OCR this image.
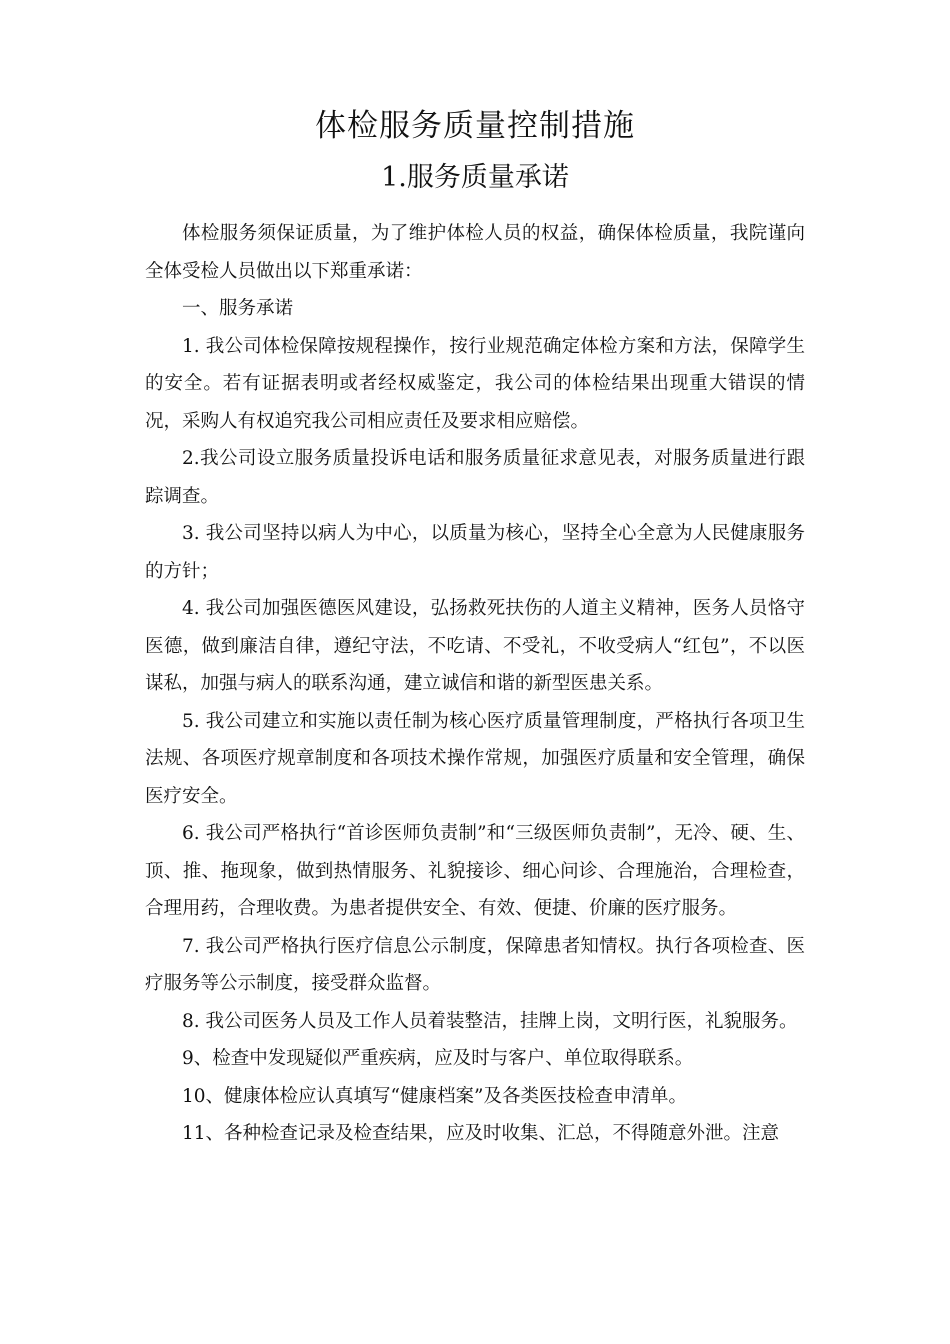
体检服务质量控制措施
1.服务质量承诺

体检服务须保证质量，为了维护体检人员的权益，确保体检质量，我院谨向全体受检人员做出以下郑重承诺：

一、服务承诺

1. 我公司体检保障按规程操作，按行业规范确定体检方案和方法，保障学生的安全。若有证据表明或者经权威鉴定，我公司的体检结果出现重大错误的情况，采购人有权追究我公司相应责任及要求相应赔偿。

2.我公司设立服务质量投诉电话和服务质量征求意见表，对服务质量进行跟踪调查。

3. 我公司坚持以病人为中心，以质量为核心，坚持全心全意为人民健康服务的方针；

4. 我公司加强医德医风建设，弘扬救死扶伤的人道主义精神，医务人员恪守医德，做到廉洁自律，遵纪守法，不吃请、不受礼，不收受病人“红包”，不以医谋私，加强与病人的联系沟通，建立诚信和谐的新型医患关系。

5. 我公司建立和实施以责任制为核心医疗质量管理制度，严格执行各项卫生法规、各项医疗规章制度和各项技术操作常规，加强医疗质量和安全管理，确保医疗安全。

6. 我公司严格执行“首诊医师负责制”和“三级医师负责制”，无冷、硬、生、顶、推、拖现象，做到热情服务、礼貌接诊、细心问诊、合理施治，合理检查，合理用药，合理收费。为患者提供安全、有效、便捷、价廉的医疗服务。

7. 我公司严格执行医疗信息公示制度，保障患者知情权。执行各项检查、医疗服务等公示制度，接受群众监督。

8. 我公司医务人员及工作人员着装整洁，挂牌上岗，文明行医，礼貌服务。

9、检查中发现疑似严重疾病，应及时与客户、单位取得联系。

10、健康体检应认真填写“健康档案”及各类医技检查申清单。

11、各种检查记录及检查结果，应及时收集、汇总，不得随意外泄。注意
